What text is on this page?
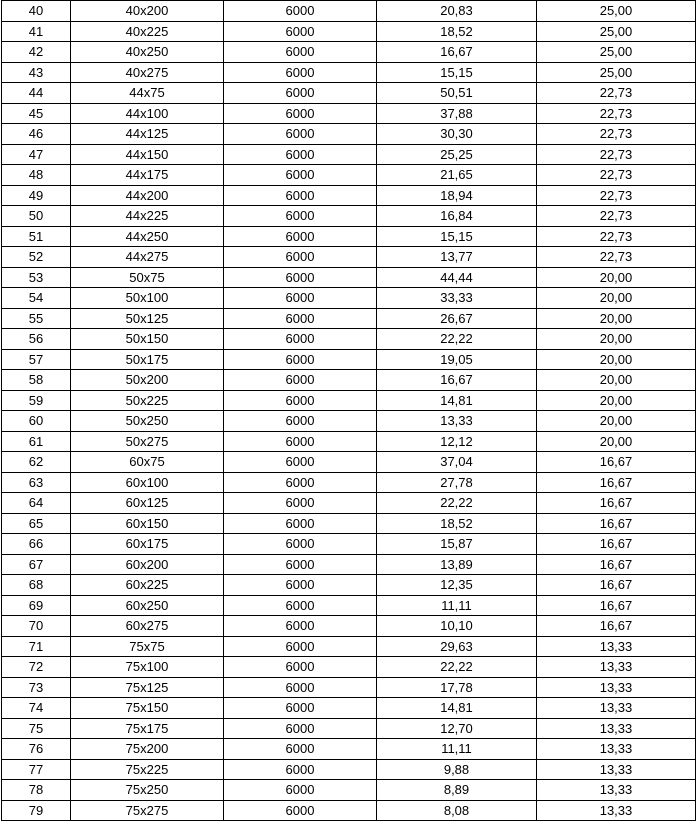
40	40x200	6000	20,83	25,00
41	40x225	6000	18,52	25,00
42	40x250	6000	16,67	25,00
43	40x275	6000	15,15	25,00
44	44x75	6000	50,51	22,73
45	44x100	6000	37,88	22,73
46	44x125	6000	30,30	22,73
47	44x150	6000	25,25	22,73
48	44x175	6000	21,65	22,73
49	44x200	6000	18,94	22,73
50	44x225	6000	16,84	22,73
51	44x250	6000	15,15	22,73
52	44x275	6000	13,77	22,73
53	50x75	6000	44,44	20,00
54	50x100	6000	33,33	20,00
55	50x125	6000	26,67	20,00
56	50x150	6000	22,22	20,00
57	50x175	6000	19,05	20,00
58	50x200	6000	16,67	20,00
59	50x225	6000	14,81	20,00
60	50x250	6000	13,33	20,00
61	50x275	6000	12,12	20,00
62	60x75	6000	37,04	16,67
63	60x100	6000	27,78	16,67
64	60x125	6000	22,22	16,67
65	60x150	6000	18,52	16,67
66	60x175	6000	15,87	16,67
67	60x200	6000	13,89	16,67
68	60x225	6000	12,35	16,67
69	60x250	6000	11,11	16,67
70	60x275	6000	10,10	16,67
71	75x75	6000	29,63	13,33
72	75x100	6000	22,22	13,33
73	75x125	6000	17,78	13,33
74	75x150	6000	14,81	13,33
75	75x175	6000	12,70	13,33
76	75x200	6000	11,11	13,33
77	75x225	6000	9,88	13,33
78	75x250	6000	8,89	13,33
79	75x275	6000	8,08	13,33
